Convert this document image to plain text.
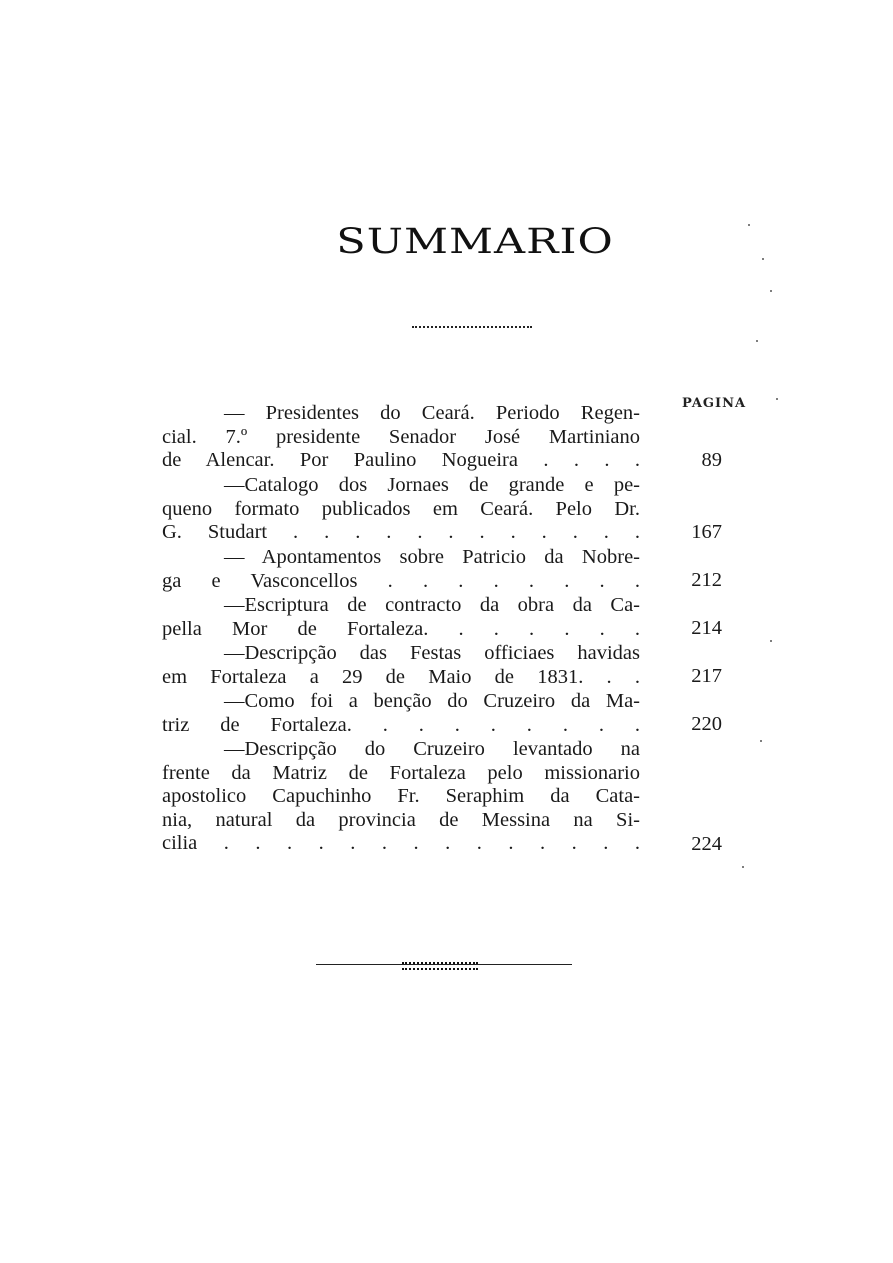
SUMMARIO
PAGINA
— Presidentes do Ceará. Periodo Regen-
cial. 7.º presidente Senador José Martiniano
de Alencar. Por Paulino Nogueira . . . .	89
—Catalogo dos Jornaes de grande e pe-
queno formato publicados em Ceará. Pelo Dr.
G. Studart . . . . . . . . . . . .	167
— Apontamentos sobre Patricio da Nobre-
ga e Vasconcellos . . . . . . . .	212
—Escriptura de contracto da obra da Ca-
pella Mor de Fortaleza. . . . . . .	214
—Descripção das Festas officiaes havidas
em Fortaleza a 29 de Maio de 1831. . .	217
—Como foi a benção do Cruzeiro da Ma-
triz de Fortaleza. . . . . . . . .	220
—Descripção do Cruzeiro levantado na
frente da Matriz de Fortaleza pelo missionario
apostolico Capuchinho Fr. Seraphim da Cata-
nia, natural da provincia de Messina na Si-
cilia . . . . . . . . . . . . . .	224
